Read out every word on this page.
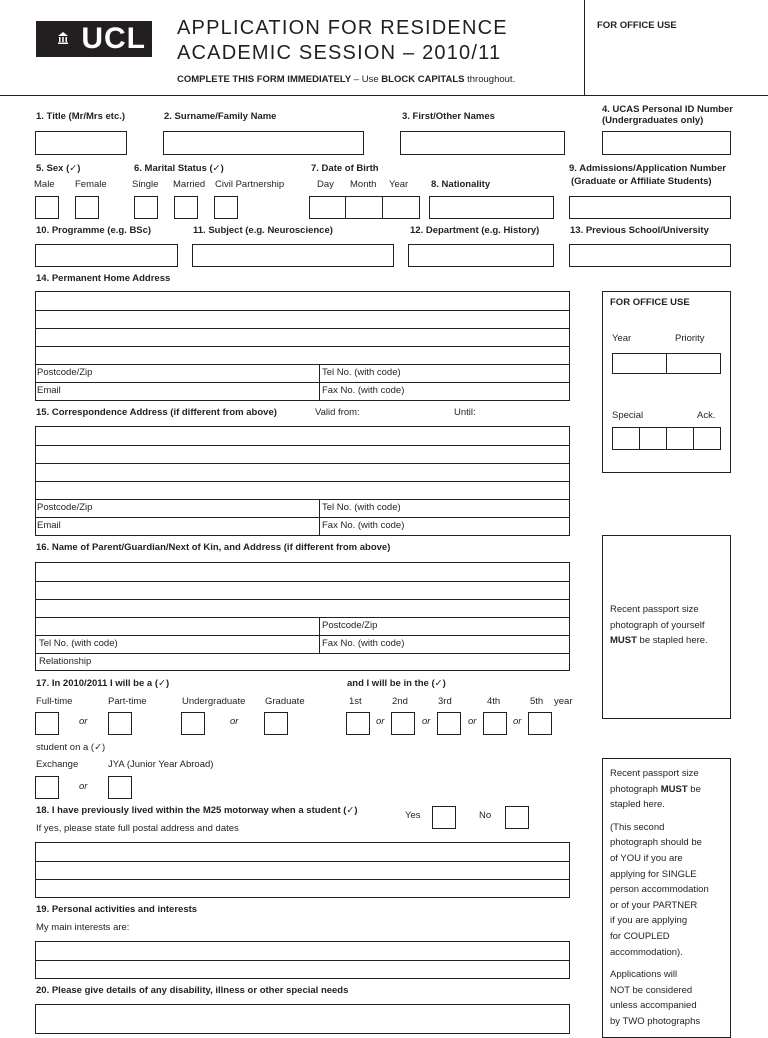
UCL APPLICATION FOR RESIDENCE
ACADEMIC SESSION – 2010/11
COMPLETE THIS FORM IMMEDIATELY – Use BLOCK CAPITALS throughout.
FOR OFFICE USE
1. Title (Mr/Mrs etc.)	2. Surname/Family Name	3. First/Other Names
4. UCAS Personal ID Number
(Undergraduates only)
5. Sex (✓)
Male Female
6. Marital Status (✓)
Single Married Civil Partnership
7. Date of Birth
Day Month Year 8. Nationality
9. Admissions/Application Number
(Graduate or Affiliate Students)
10. Programme (e.g. BSc)	11. Subject (e.g. Neuroscience)	12. Department (e.g. History)	13. Previous School/University
14. Permanent Home Address
Postcode/Zip	Tel No. (with code)
Email	Fax No. (with code)
15. Correspondence Address (if different from above)	Valid from:	Until:
Postcode/Zip	Tel No. (with code)
Email	Fax No. (with code)
16. Name of Parent/Guardian/Next of Kin, and Address (if different from above)
Postcode/Zip
Tel No. (with code)	Fax No. (with code)
Relationship
17. In 2010/2011 I will be a (✓)
Full-time	Part-time	Undergraduate Graduate
or	or
and I will be in the (✓)
1st	2nd	3rd	4th	5th year
or	or	or	or
student on a (✓)
Exchange	JYA (Junior Year Abroad)
or
18. I have previously lived within the M25 motorway when a student (✓)	Yes	No
If yes, please state full postal address and dates
19. Personal activities and interests
My main interests are:
20. Please give details of any disability, illness or other special needs
FOR OFFICE USE
Year	Priority
Special	Ack.
Recent passport size
photograph of yourself
MUST be stapled here.

Recent passport size
photograph MUST be
stapled here.

(This second
photograph should be
of YOU if you are
applying for SINGLE
person accommodation
or of your PARTNER
if you are applying
for COUPLED
accommodation).

Applications will
NOT be considered
unless accompanied
by TWO photographs
